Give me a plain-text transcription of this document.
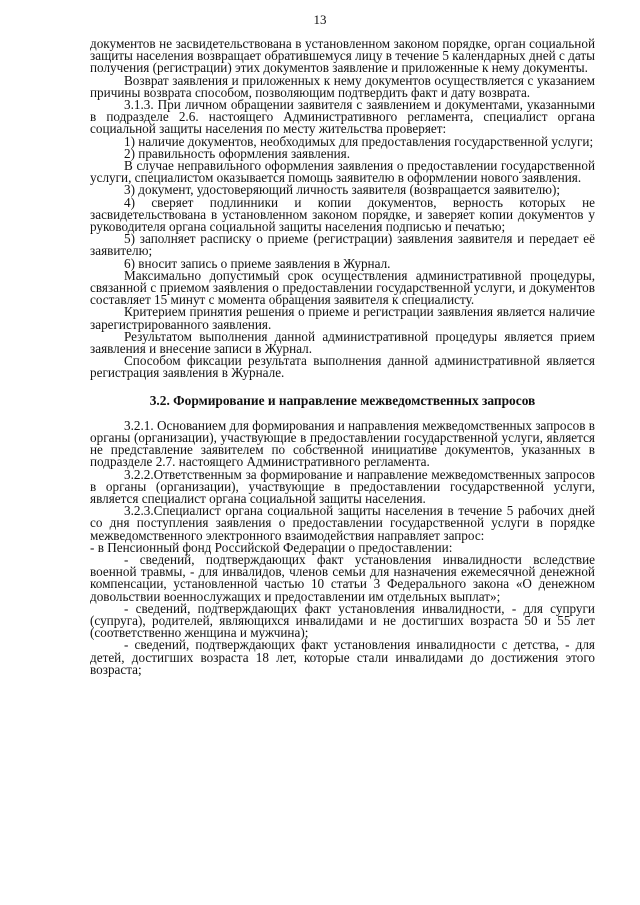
13

документов не засвидетельствована в установленном законом порядке, орган социальной защиты населения возвращает обратившемуся лицу в течение 5 календарных дней с даты получения (регистрации) этих документов заявление и приложенные к нему документы.

Возврат заявления и приложенных к нему документов осуществляется с указанием причины возврата способом, позволяющим подтвердить факт и дату возврата.

3.1.3. При личном обращении заявителя с заявлением и документами, указанными в подразделе 2.6. настоящего Административного регламента, специалист органа социальной защиты населения по месту жительства проверяет:

1) наличие документов, необходимых для предоставления государственной услуги;

2) правильность оформления заявления.

В случае неправильного оформления заявления о предоставлении государственной услуги, специалистом оказывается помощь заявителю в оформлении нового заявления.

3) документ, удостоверяющий личность заявителя (возвращается заявителю);

4) сверяет подлинники и копии документов, верность которых не засвидетельствована в установленном законом порядке, и заверяет копии документов у руководителя органа социальной защиты населения подписью и печатью;

5) заполняет расписку о приеме (регистрации) заявления заявителя и передает её заявителю;

6) вносит запись о приеме заявления в Журнал.

Максимально допустимый срок осуществления административной процедуры, связанной с приемом заявления о предоставлении государственной услуги, и документов составляет 15 минут с момента обращения заявителя к специалисту.

Критерием принятия решения о приеме и регистрации заявления является наличие зарегистрированного заявления.

Результатом выполнения данной административной процедуры является прием заявления и внесение записи в Журнал.

Способом фиксации результата выполнения данной административной является регистрация заявления в Журнале.

3.2. Формирование и направление межведомственных запросов

3.2.1. Основанием для формирования и направления межведомственных запросов в органы (организации), участвующие в предоставлении государственной услуги, является не представление заявителем по собственной инициативе документов, указанных в подразделе 2.7. настоящего Административного регламента.

3.2.2.Ответственным за формирование и направление межведомственных запросов в органы (организации), участвующие в предоставлении государственной услуги, является специалист органа социальной защиты населения.

3.2.3.Специалист органа социальной защиты населения в течение 5 рабочих дней со дня поступления заявления о предоставлении государственной услуги в порядке межведомственного электронного взаимодействия направляет запрос:

- в Пенсионный фонд Российской Федерации о предоставлении:

- сведений, подтверждающих факт установления инвалидности вследствие военной травмы, - для инвалидов, членов семьи для назначения ежемесячной денежной компенсации, установленной частью 10 статьи 3 Федерального закона «О денежном довольствии военнослужащих и предоставлении им отдельных выплат»;

- сведений, подтверждающих факт установления инвалидности, - для супруги (супруга), родителей, являющихся инвалидами и не достигших возраста 50 и 55 лет (соответственно женщина и мужчина);

- сведений, подтверждающих факт установления инвалидности с детства, - для детей, достигших возраста 18 лет, которые стали инвалидами до достижения этого возраста;
